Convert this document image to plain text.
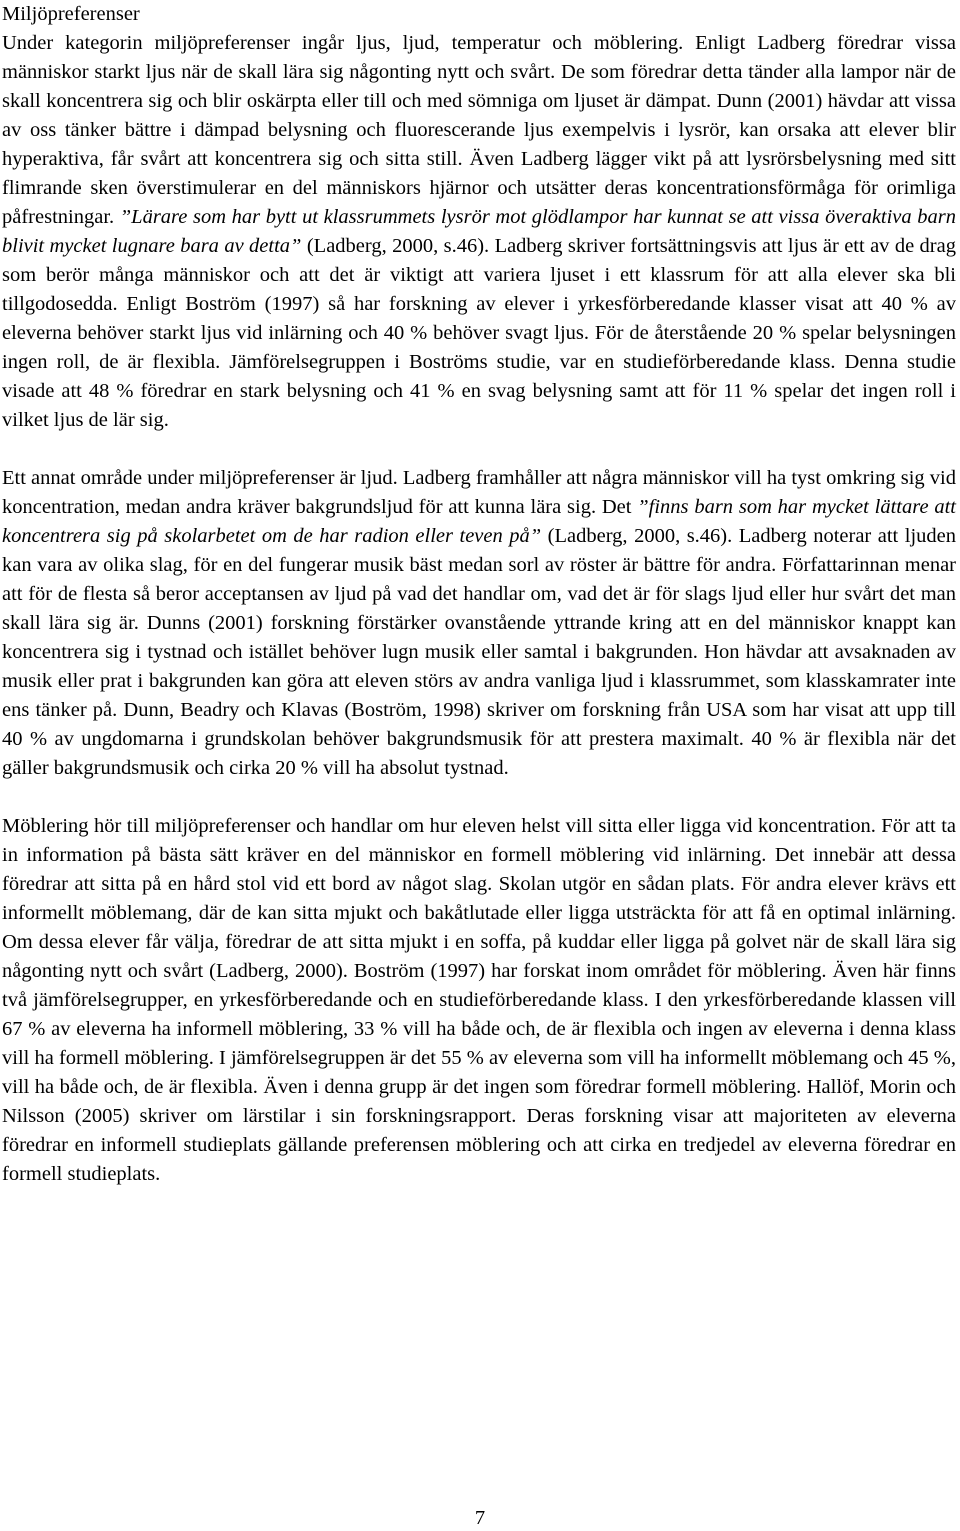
Miljöpreferenser

Under kategorin miljöpreferenser ingår ljus, ljud, temperatur och möblering. Enligt Ladberg föredrar vissa människor starkt ljus när de skall lära sig någonting nytt och svårt. De som föredrar detta tänder alla lampor när de skall koncentrera sig och blir oskärpta eller till och med sömniga om ljuset är dämpat. Dunn (2001) hävdar att vissa av oss tänker bättre i dämpad belysning och fluorescerande ljus exempelvis i lysrör, kan orsaka att elever blir hyperaktiva, får svårt att koncentrera sig och sitta still. Även Ladberg lägger vikt på att lysrörsbelysning med sitt flimrande sken överstimulerar en del människors hjärnor och utsätter deras koncentrationsförmåga för orimliga påfrestningar. ”Lärare som har bytt ut klassrummets lysrör mot glödlampor har kunnat se att vissa överaktiva barn blivit mycket lugnare bara av detta” (Ladberg, 2000, s.46). Ladberg skriver fortsättningsvis att ljus är ett av de drag som berör många människor och att det är viktigt att variera ljuset i ett klassrum för att alla elever ska bli tillgodosedda. Enligt Boström (1997) så har forskning av elever i yrkesförberedande klasser visat att 40 % av eleverna behöver starkt ljus vid inlärning och 40 % behöver svagt ljus. För de återstående 20 % spelar belysningen ingen roll, de är flexibla. Jämförelsegruppen i Boströms studie, var en studieförberedande klass. Denna studie visade att 48 % föredrar en stark belysning och 41 % en svag belysning samt att för 11 % spelar det ingen roll i vilket ljus de lär sig.

Ett annat område under miljöpreferenser är ljud. Ladberg framhåller att några människor vill ha tyst omkring sig vid koncentration, medan andra kräver bakgrundsljud för att kunna lära sig. Det ”finns barn som har mycket lättare att koncentrera sig på skolarbetet om de har radion eller teven på” (Ladberg, 2000, s.46). Ladberg noterar att ljuden kan vara av olika slag, för en del fungerar musik bäst medan sorl av röster är bättre för andra. Författarinnan menar att för de flesta så beror acceptansen av ljud på vad det handlar om, vad det är för slags ljud eller hur svårt det man skall lära sig är. Dunns (2001) forskning förstärker ovanstående yttrande kring att en del människor knappt kan koncentrera sig i tystnad och istället behöver lugn musik eller samtal i bakgrunden. Hon hävdar att avsaknaden av musik eller prat i bakgrunden kan göra att eleven störs av andra vanliga ljud i klassrummet, som klasskamrater inte ens tänker på. Dunn, Beadry och Klavas (Boström, 1998) skriver om forskning från USA som har visat att upp till 40 % av ungdomarna i grundskolan behöver bakgrundsmusik för att prestera maximalt. 40 % är flexibla när det gäller bakgrundsmusik och cirka 20 % vill ha absolut tystnad.

Möblering hör till miljöpreferenser och handlar om hur eleven helst vill sitta eller ligga vid koncentration. För att ta in information på bästa sätt kräver en del människor en formell möblering vid inlärning. Det innebär att dessa föredrar att sitta på en hård stol vid ett bord av något slag. Skolan utgör en sådan plats. För andra elever krävs ett informellt möblemang, där de kan sitta mjukt och bakåtlutade eller ligga utsträckta för att få en optimal inlärning. Om dessa elever får välja, föredrar de att sitta mjukt i en soffa, på kuddar eller ligga på golvet när de skall lära sig någonting nytt och svårt (Ladberg, 2000). Boström (1997) har forskat inom området för möblering. Även här finns två jämförelsegrupper, en yrkesförberedande och en studieförberedande klass. I den yrkesförberedande klassen vill 67 % av eleverna ha informell möblering, 33 % vill ha både och, de är flexibla och ingen av eleverna i denna klass vill ha formell möblering. I jämförelsegruppen är det 55 % av eleverna som vill ha informellt möblemang och 45 %, vill ha både och, de är flexibla. Även i denna grupp är det ingen som föredrar formell möblering. Hallöf, Morin och Nilsson (2005) skriver om lärstilar i sin forskningsrapport. Deras forskning visar att majoriteten av eleverna föredrar en informell studieplats gällande preferensen möblering och att cirka en tredjedel av eleverna föredrar en formell studieplats.

7
